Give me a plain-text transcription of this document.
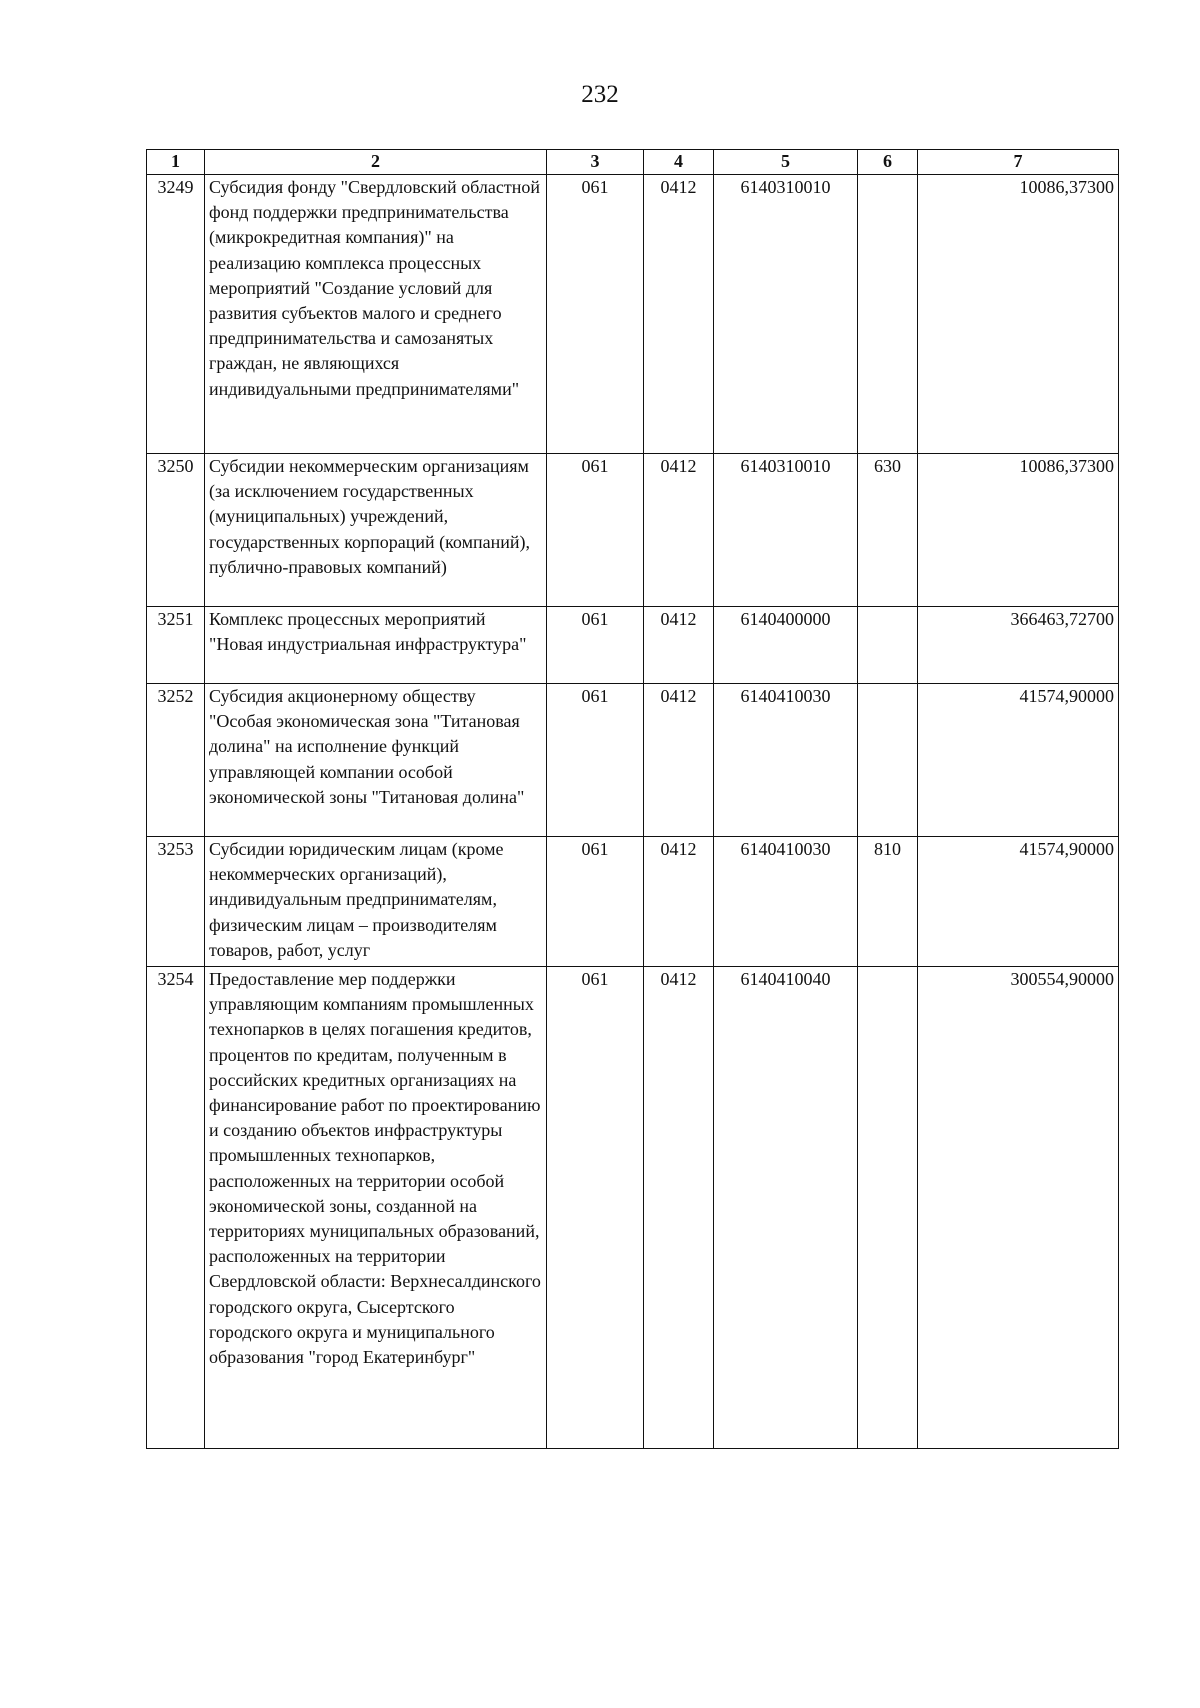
232
1	2	3	4	5	6	7
3249	Субсидия фонду "Свердловский областной фонд поддержки предпринимательства (микрокредитная компания)" на реализацию комплекса процессных мероприятий "Создание условий для развития субъектов малого и среднего предпринимательства и самозанятых граждан, не являющихся индивидуальными предпринимателями"	061	0412	6140310010		10086,37300
3250	Субсидии некоммерческим организациям (за исключением государственных (муниципальных) учреждений, государственных корпораций (компаний), публично-правовых компаний)	061	0412	6140310010	630	10086,37300
3251	Комплекс процессных мероприятий "Новая индустриальная инфраструктура"	061	0412	6140400000		366463,72700
3252	Субсидия акционерному обществу "Особая экономическая зона "Титановая долина" на исполнение функций управляющей компании особой экономической зоны "Титановая долина"	061	0412	6140410030		41574,90000
3253	Субсидии юридическим лицам (кроме некоммерческих организаций), индивидуальным предпринимателям, физическим лицам – производителям товаров, работ, услуг	061	0412	6140410030	810	41574,90000
3254	Предоставление мер поддержки управляющим компаниям промышленных технопарков в целях погашения кредитов, процентов по кредитам, полученным в российских кредитных организациях на финансирование работ по проектированию и созданию объектов инфраструктуры промышленных технопарков, расположенных на территории особой экономической зоны, созданной на территориях муниципальных образований, расположенных на территории Свердловской области: Верхнесалдинского городского округа, Сысертского городского округа и муниципального образования "город Екатеринбург"	061	0412	6140410040		300554,90000
